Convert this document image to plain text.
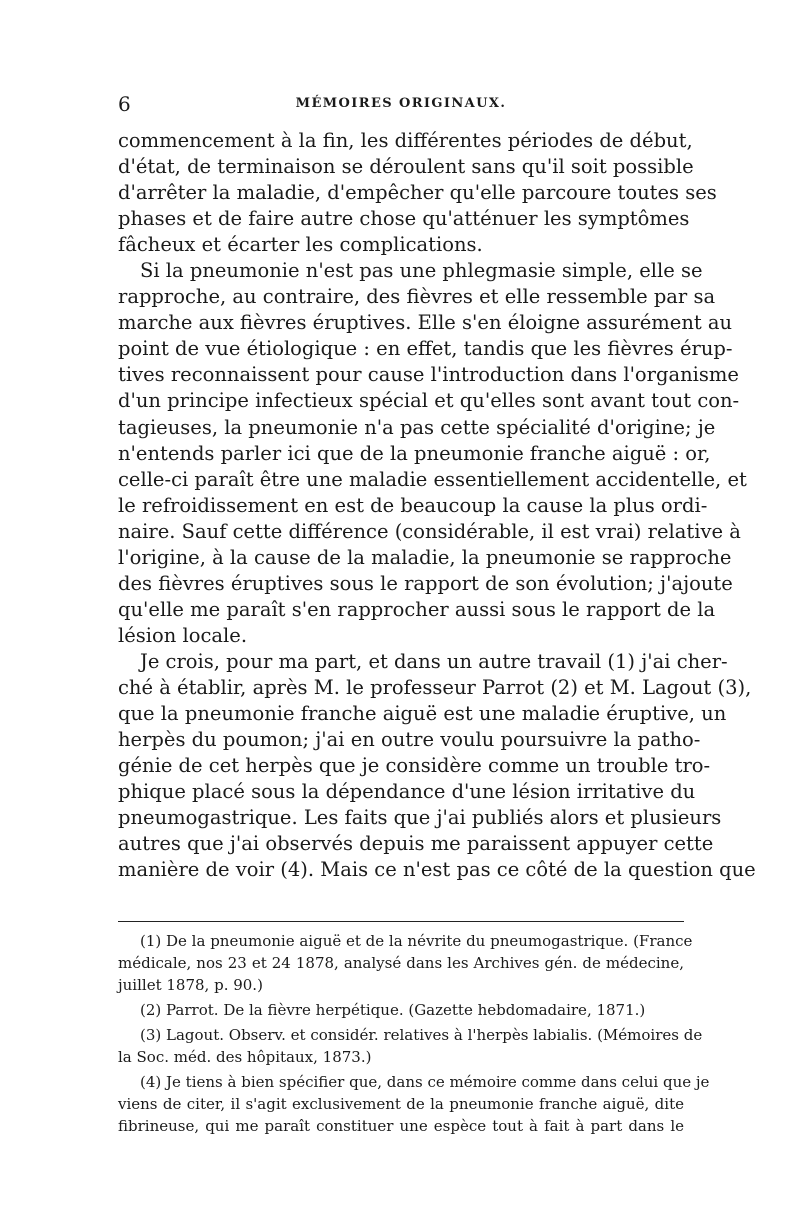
6	MÉMOIRES ORIGINAUX.
commencement à la fin, les différentes périodes de début,
d'état, de terminaison se déroulent sans qu'il soit possible
d'arrêter la maladie, d'empêcher qu'elle parcoure toutes ses
phases et de faire autre chose qu'atténuer les symptômes
fâcheux et écarter les complications.
Si la pneumonie n'est pas une phlegmasie simple, elle se
rapproche, au contraire, des fièvres et elle ressemble par sa
marche aux fièvres éruptives. Elle s'en éloigne assurément au
point de vue étiologique : en effet, tandis que les fièvres érup-
tives reconnaissent pour cause l'introduction dans l'organisme
d'un principe infectieux spécial et qu'elles sont avant tout con-
tagieuses, la pneumonie n'a pas cette spécialité d'origine; je
n'entends parler ici que de la pneumonie franche aiguë : or,
celle-ci paraît être une maladie essentiellement accidentelle, et
le refroidissement en est de beaucoup la cause la plus ordi-
naire. Sauf cette différence (considérable, il est vrai) relative à
l'origine, à la cause de la maladie, la pneumonie se rapproche
des fièvres éruptives sous le rapport de son évolution; j'ajoute
qu'elle me paraît s'en rapprocher aussi sous le rapport de la
lésion locale.
Je crois, pour ma part, et dans un autre travail (1) j'ai cher-
ché à établir, après M. le professeur Parrot (2) et M. Lagout (3),
que la pneumonie franche aiguë est une maladie éruptive, un
herpès du poumon; j'ai en outre voulu poursuivre la patho-
génie de cet herpès que je considère comme un trouble tro-
phique placé sous la dépendance d'une lésion irritative du
pneumogastrique. Les faits que j'ai publiés alors et plusieurs
autres que j'ai observés depuis me paraissent appuyer cette
manière de voir (4). Mais ce n'est pas ce côté de la question que
(1) De la pneumonie aiguë et de la névrite du pneumogastrique. (France
médicale, nos 23 et 24 1878, analysé dans les Archives gén. de médecine,
juillet 1878, p. 90.)
(2) Parrot. De la fièvre herpétique. (Gazette hebdomadaire, 1871.)
(3) Lagout. Observ. et considér. relatives à l'herpès labialis. (Mémoires de
la Soc. méd. des hôpitaux, 1873.)
(4) Je tiens à bien spécifier que, dans ce mémoire comme dans celui que je
viens de citer, il s'agit exclusivement de la pneumonie franche aiguë, dite
fibrineuse, qui me paraît constituer une espèce tout à fait à part dans le
